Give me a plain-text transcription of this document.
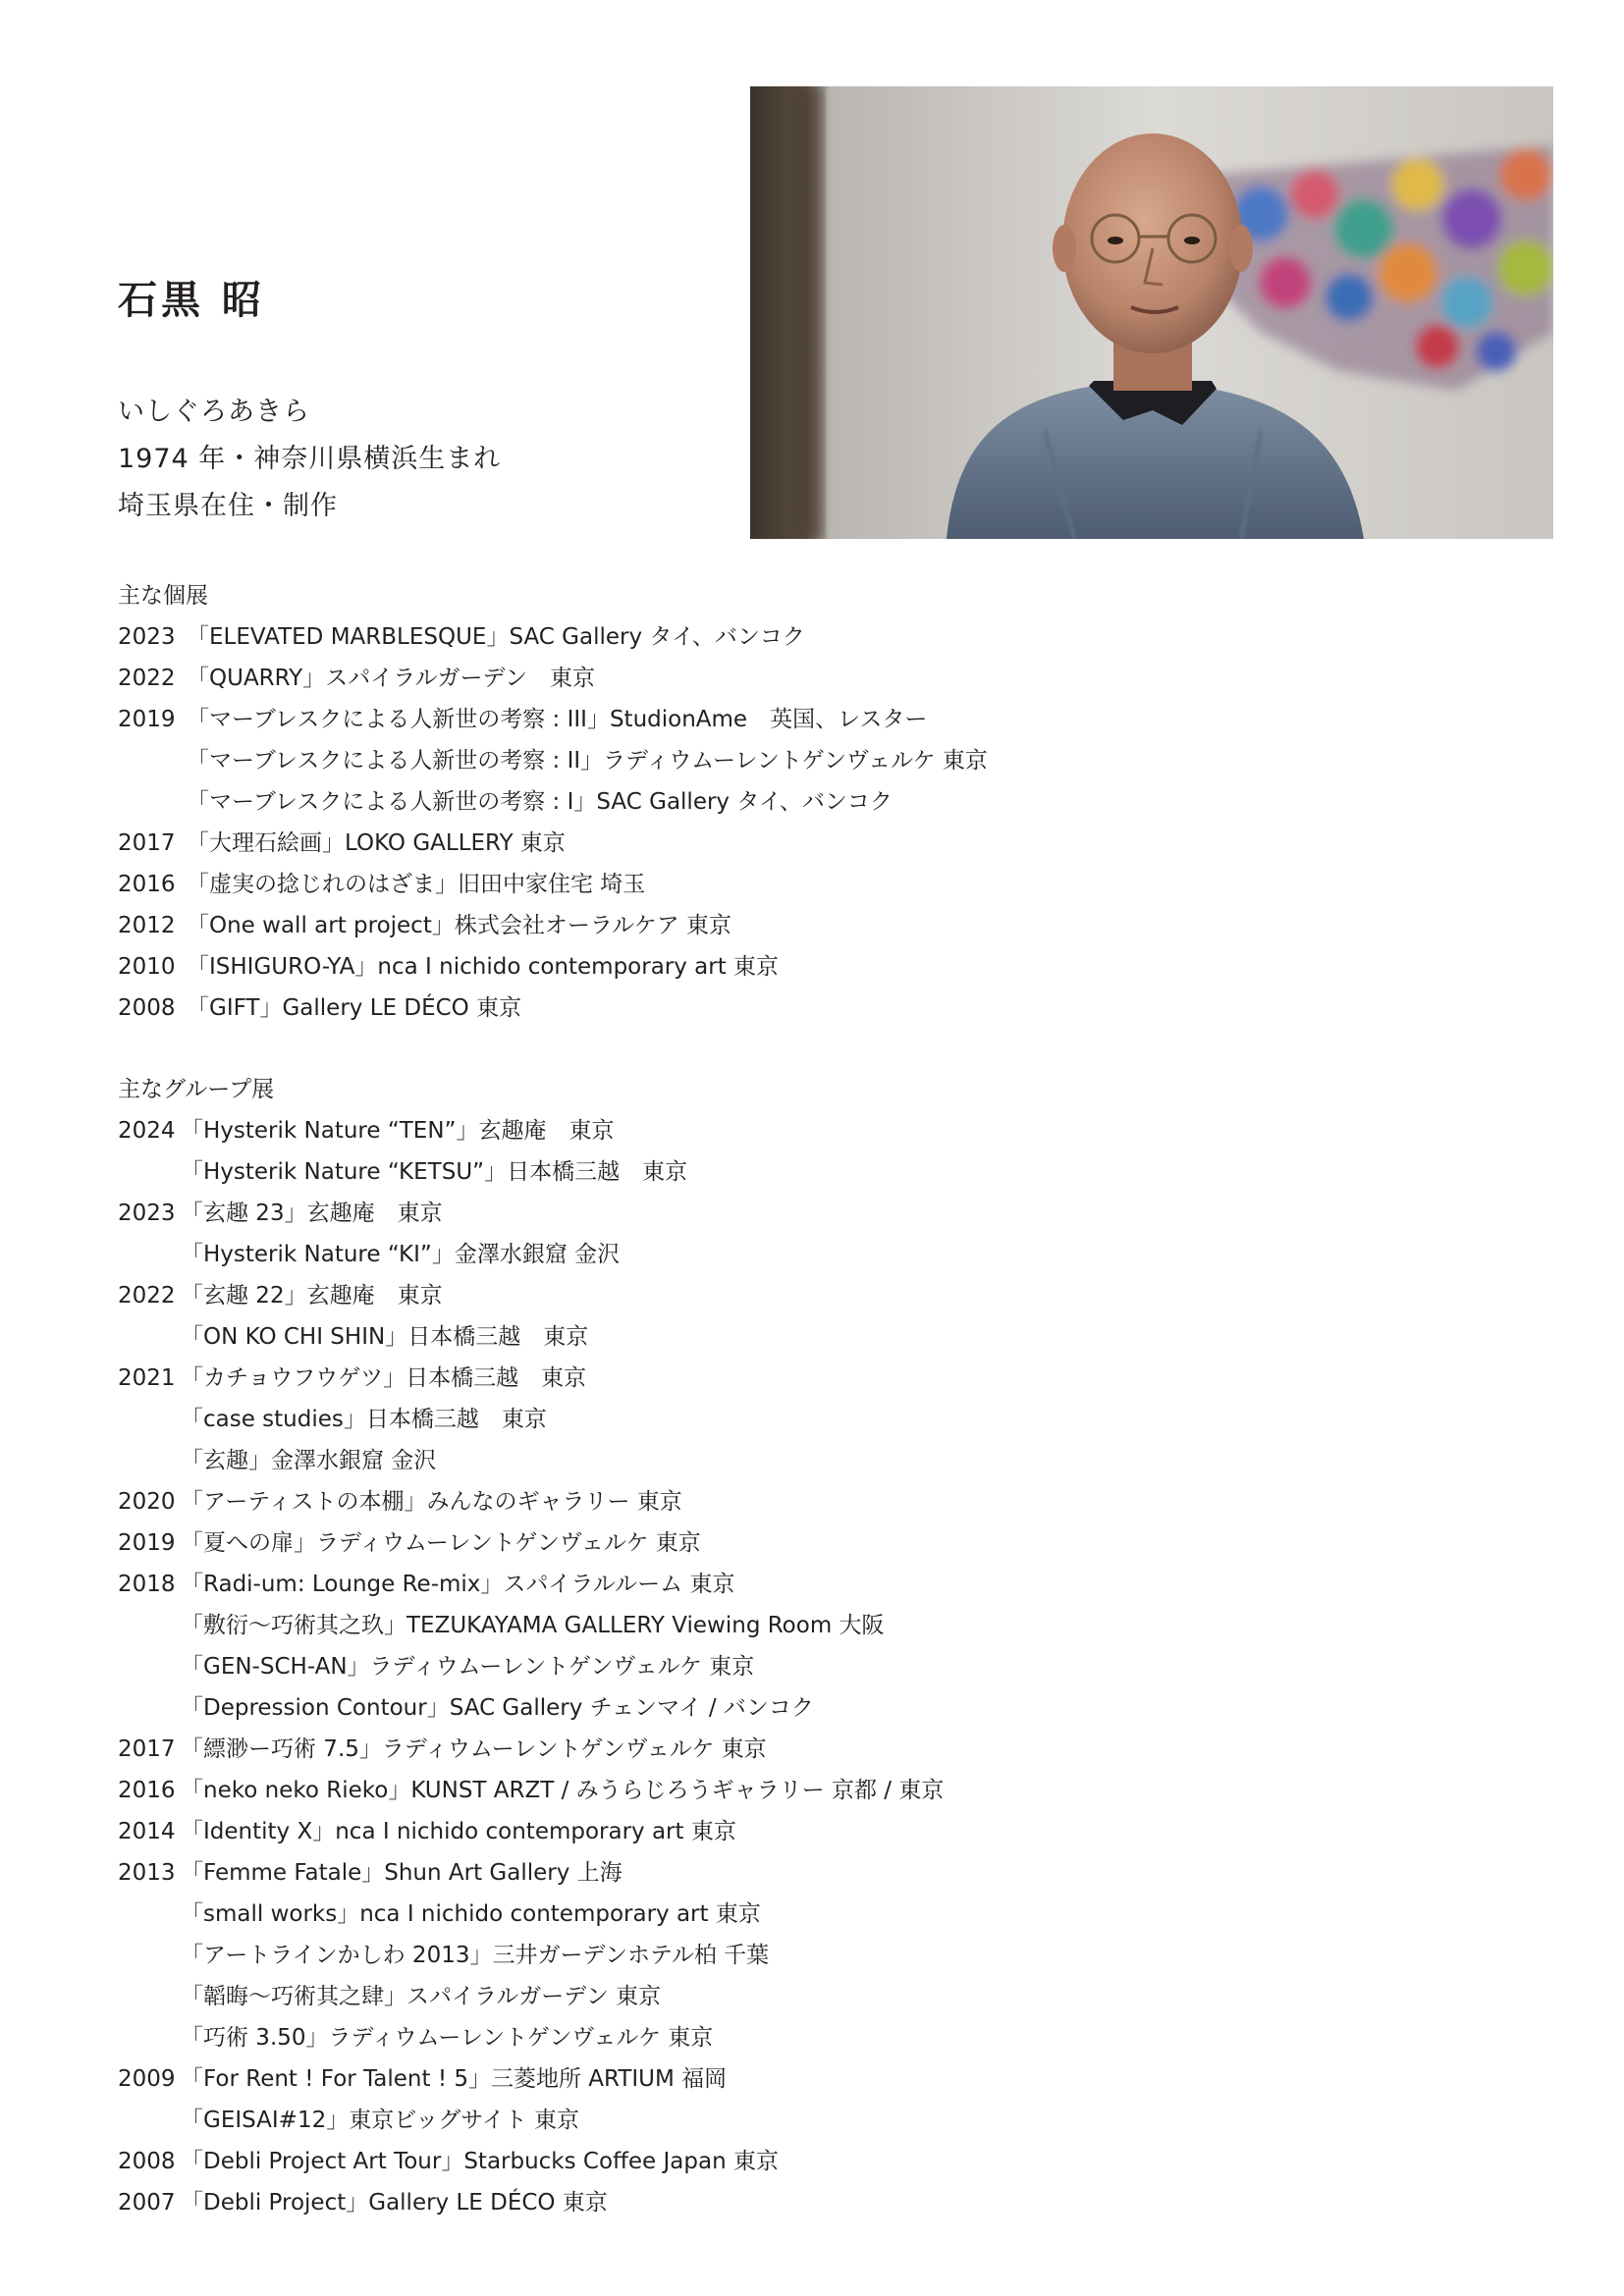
石黒 昭
いしぐろあきら
1974 年・神奈川県横浜生まれ
埼玉県在住・制作
主な個展
2023 「ELEVATED MARBLESQUE」SAC Gallery タイ、バンコク
2022 「QUARRY」スパイラルガーデン　東京
2019 「マーブレスクによる人新世の考察 : III」StudionAme　英国、レスター
「マーブレスクによる人新世の考察 : II」ラディウムーレントゲンヴェルケ 東京
「マーブレスクによる人新世の考察 : I」SAC Gallery タイ、バンコク
2017 「大理石絵画」LOKO GALLERY 東京
2016 「虚実の捻じれのはざま」旧田中家住宅 埼玉
2012 「One wall art project」株式会社オーラルケア 東京
2010 「ISHIGURO-YA」nca I nichido contemporary art 東京
2008 「GIFT」Gallery LE DÉCO 東京
主なグループ展
2024 「Hysterik Nature “TEN”」玄趣庵　東京
「Hysterik Nature “KETSU”」日本橋三越　東京
2023 「玄趣 23」玄趣庵　東京
「Hysterik Nature “KI”」金澤水銀窟 金沢
2022 「玄趣 22」玄趣庵　東京
「ON KO CHI SHIN」日本橋三越　東京
2021 「カチョウフウゲツ」日本橋三越　東京
「case studies」日本橋三越　東京
「玄趣」金澤水銀窟 金沢
2020 「アーティストの本棚」みんなのギャラリー 東京
2019 「夏への扉」ラディウムーレントゲンヴェルケ 東京
2018 「Radi-um: Lounge Re-mix」スパイラルルーム 東京
「敷衍〜巧術其之玖」TEZUKAYAMA GALLERY Viewing Room 大阪
「GEN-SCH-AN」ラディウムーレントゲンヴェルケ 東京
「Depression Contour」SAC Gallery チェンマイ / バンコク
2017 「縹渺ー巧術 7.5」ラディウムーレントゲンヴェルケ 東京
2016 「neko neko Rieko」KUNST ARZT / みうらじろうギャラリー 京都 / 東京
2014 「Identity X」nca I nichido contemporary art 東京
2013 「Femme Fatale」Shun Art Gallery 上海
「small works」nca I nichido contemporary art 東京
「アートラインかしわ 2013」三井ガーデンホテル柏 千葉
「韜晦〜巧術其之肆」スパイラルガーデン 東京
「巧術 3.50」ラディウムーレントゲンヴェルケ 東京
2009 「For Rent ! For Talent ! 5」三菱地所 ARTIUM 福岡
「GEISAI#12」東京ビッグサイト 東京
2008 「Debli Project Art Tour」Starbucks Coffee Japan 東京
2007 「Debli Project」Gallery LE DÉCO 東京
